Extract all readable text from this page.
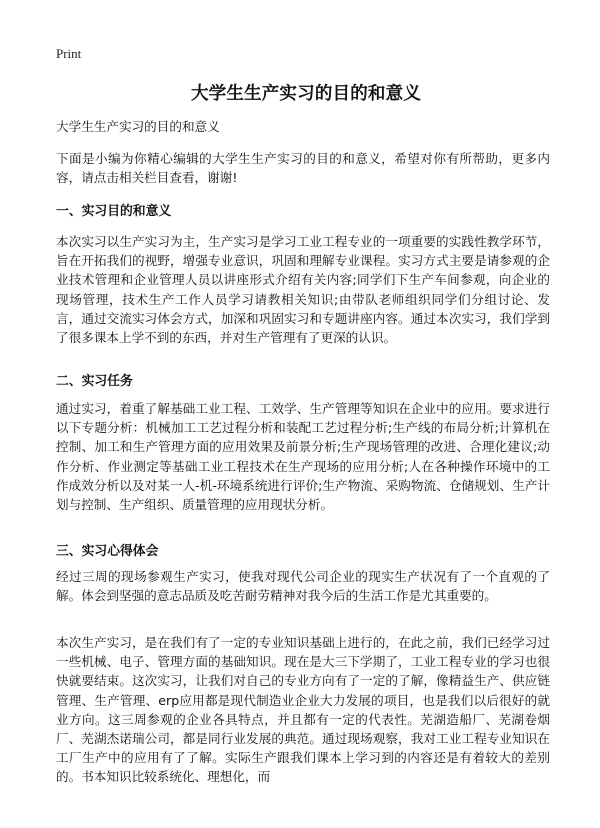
Print
大学生生产实习的目的和意义

大学生生产实习的目的和意义

下面是小编为你精心编辑的大学生生产实习的目的和意义，希望对你有所帮助，更多内容，请点击相关栏目查看，谢谢!

一、实习目的和意义

本次实习以生产实习为主，生产实习是学习工业工程专业的一项重要的实践性教学环节，旨在开拓我们的视野，增强专业意识，巩固和理解专业课程。实习方式主要是请参观的企业技术管理和企业管理人员以讲座形式介绍有关内容;同学们下生产车间参观，向企业的现场管理，技术生产工作人员学习请教相关知识;由带队老师组织同学们分组讨论、发言，通过交流实习体会方式，加深和巩固实习和专题讲座内容。通过本次实习，我们学到了很多课本上学不到的东西，并对生产管理有了更深的认识。

二、实习任务

通过实习，着重了解基础工业工程、工效学、生产管理等知识在企业中的应用。要求进行以下专题分析：机械加工工艺过程分析和装配工艺过程分析;生产线的布局分析;计算机在控制、加工和生产管理方面的应用效果及前景分析;生产现场管理的改进、合理化建议;动作分析、作业测定等基础工业工程技术在生产现场的应用分析;人在各种操作环境中的工作成效分析以及对某一人-机-环境系统进行评价;生产物流、采购物流、仓储规划、生产计划与控制、生产组织、质量管理的应用现状分析。

三、实习心得体会

经过三周的现场参观生产实习，使我对现代公司企业的现实生产状况有了一个直观的了解。体会到坚强的意志品质及吃苦耐劳精神对我今后的生活工作是尤其重要的。

本次生产实习，是在我们有了一定的专业知识基础上进行的，在此之前，我们已经学习过一些机械、电子、管理方面的基础知识。现在是大三下学期了，工业工程专业的学习也很快就要结束。这次实习，让我们对自己的专业方向有了一定的了解，像精益生产、供应链管理、生产管理、erp应用都是现代制造业企业大力发展的项目，也是我们以后很好的就业方向。这三周参观的企业各具特点，并且都有一定的代表性。芜湖造船厂、芜湖卷烟厂、芜湖杰诺瑞公司，都是同行业发展的典范。通过现场观察，我对工业工程专业知识在工厂生产中的应用有了了解。实际生产跟我们课本上学习到的内容还是有着较大的差别的。书本知识比较系统化、理想化，而
